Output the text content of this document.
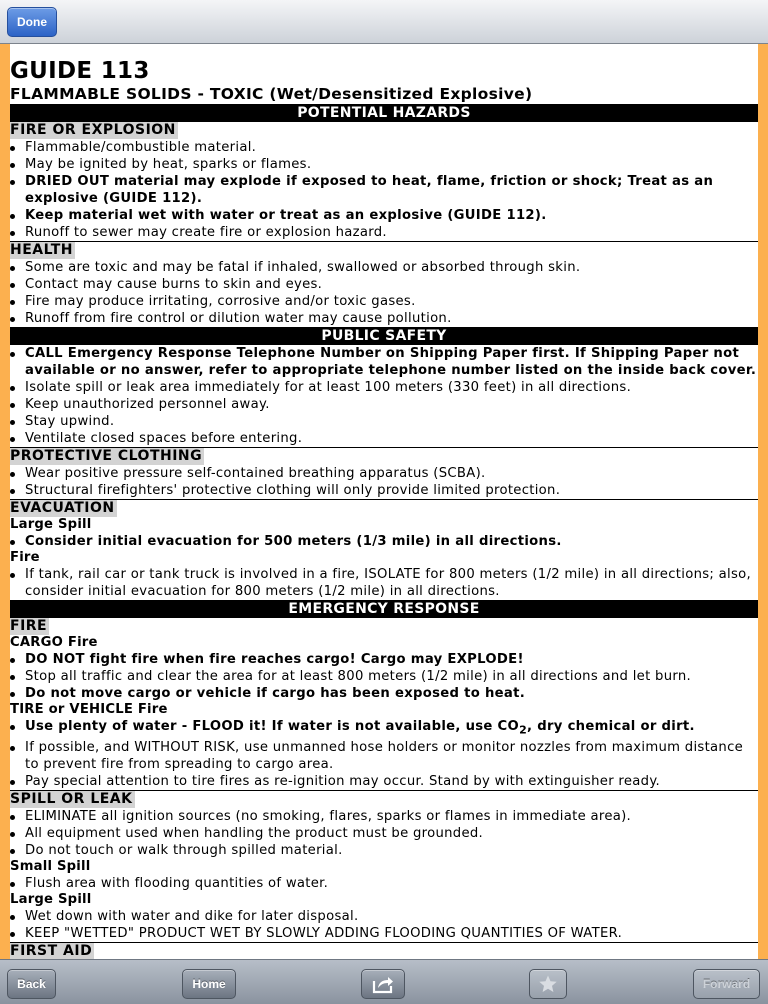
Done
GUIDE 113
FLAMMABLE SOLIDS - TOXIC (Wet/Desensitized Explosive)
POTENTIAL HAZARDS
FIRE OR EXPLOSION
Flammable/combustible material.
May be ignited by heat, sparks or flames.
DRIED OUT material may explode if exposed to heat, flame, friction or shock; Treat as an explosive (GUIDE 112).
Keep material wet with water or treat as an explosive (GUIDE 112).
Runoff to sewer may create fire or explosion hazard.
HEALTH
Some are toxic and may be fatal if inhaled, swallowed or absorbed through skin.
Contact may cause burns to skin and eyes.
Fire may produce irritating, corrosive and/or toxic gases.
Runoff from fire control or dilution water may cause pollution.
PUBLIC SAFETY
CALL Emergency Response Telephone Number on Shipping Paper first. If Shipping Paper not available or no answer, refer to appropriate telephone number listed on the inside back cover.
Isolate spill or leak area immediately for at least 100 meters (330 feet) in all directions.
Keep unauthorized personnel away.
Stay upwind.
Ventilate closed spaces before entering.
PROTECTIVE CLOTHING
Wear positive pressure self-contained breathing apparatus (SCBA).
Structural firefighters' protective clothing will only provide limited protection.
EVACUATION
Large Spill
Consider initial evacuation for 500 meters (1/3 mile) in all directions.
Fire
If tank, rail car or tank truck is involved in a fire, ISOLATE for 800 meters (1/2 mile) in all directions; also, consider initial evacuation for 800 meters (1/2 mile) in all directions.
EMERGENCY RESPONSE
FIRE
CARGO Fire
DO NOT fight fire when fire reaches cargo! Cargo may EXPLODE!
Stop all traffic and clear the area for at least 800 meters (1/2 mile) in all directions and let burn.
Do not move cargo or vehicle if cargo has been exposed to heat.
TIRE or VEHICLE Fire
Use plenty of water - FLOOD it! If water is not available, use $CO_2$, dry chemical or dirt.
If possible, and WITHOUT RISK, use unmanned hose holders or monitor nozzles from maximum distance to prevent fire from spreading to cargo area.
Pay special attention to tire fires as re-ignition may occur. Stand by with extinguisher ready.
SPILL OR LEAK
ELIMINATE all ignition sources (no smoking, flares, sparks or flames in immediate area).
All equipment used when handling the product must be grounded.
Do not touch or walk through spilled material.
Small Spill
Flush area with flooding quantities of water.
Large Spill
Wet down with water and dike for later disposal.
KEEP "WETTED" PRODUCT WET BY SLOWLY ADDING FLOODING QUANTITIES OF WATER.
FIRST AID
Back	Home	Forward
